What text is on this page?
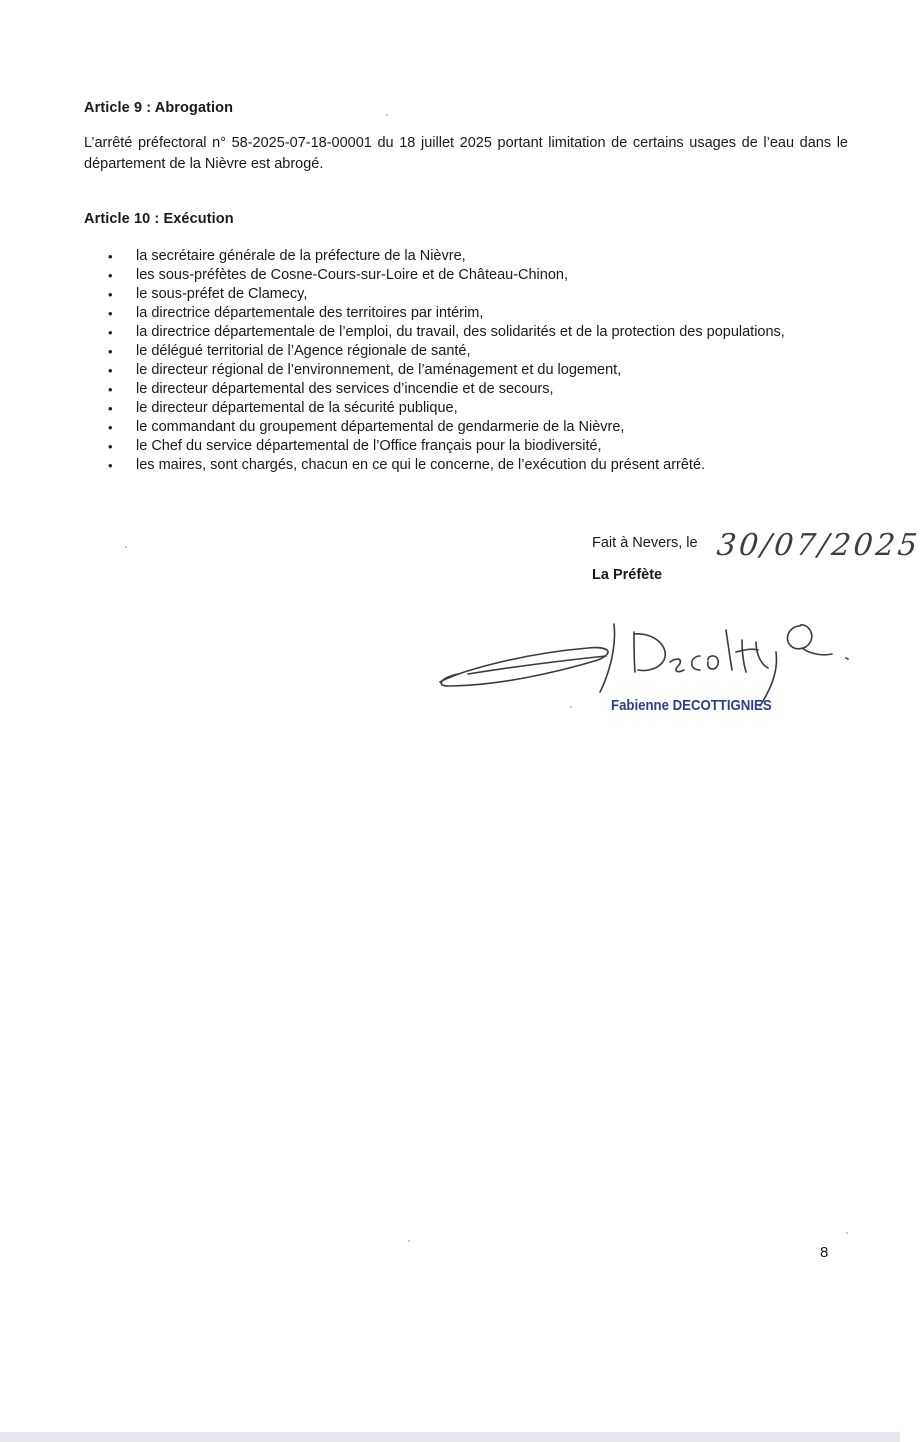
Article 9 : Abrogation

L’arrêté préfectoral n° 58-2025-07-18-00001 du 18 juillet 2025 portant limitation de certains usages de l’eau dans le département de la Nièvre est abrogé.

Article 10 : Exécution
• la secrétaire générale de la préfecture de la Nièvre,
• les sous-préfètes de Cosne-Cours-sur-Loire et de Château-Chinon,
• le sous-préfet de Clamecy,
• la directrice départementale des territoires par intérim,
• la directrice départementale de l’emploi, du travail, des solidarités et de la protection des populations,
• le délégué territorial de l’Agence régionale de santé,
• le directeur régional de l’environnement, de l’aménagement et du logement,
• le directeur départemental des services d’incendie et de secours,
• le directeur départemental de la sécurité publique,
• le commandant du groupement départemental de gendarmerie de la Nièvre,
• le Chef du service départemental de l’Office français pour la biodiversité,
• les maires, sont chargés, chacun en ce qui le concerne, de l’exécution du présent arrêté.
Fait à Nevers, le 30/07/2025

La Préfète

Fabienne DECOTTIGNIES
8
